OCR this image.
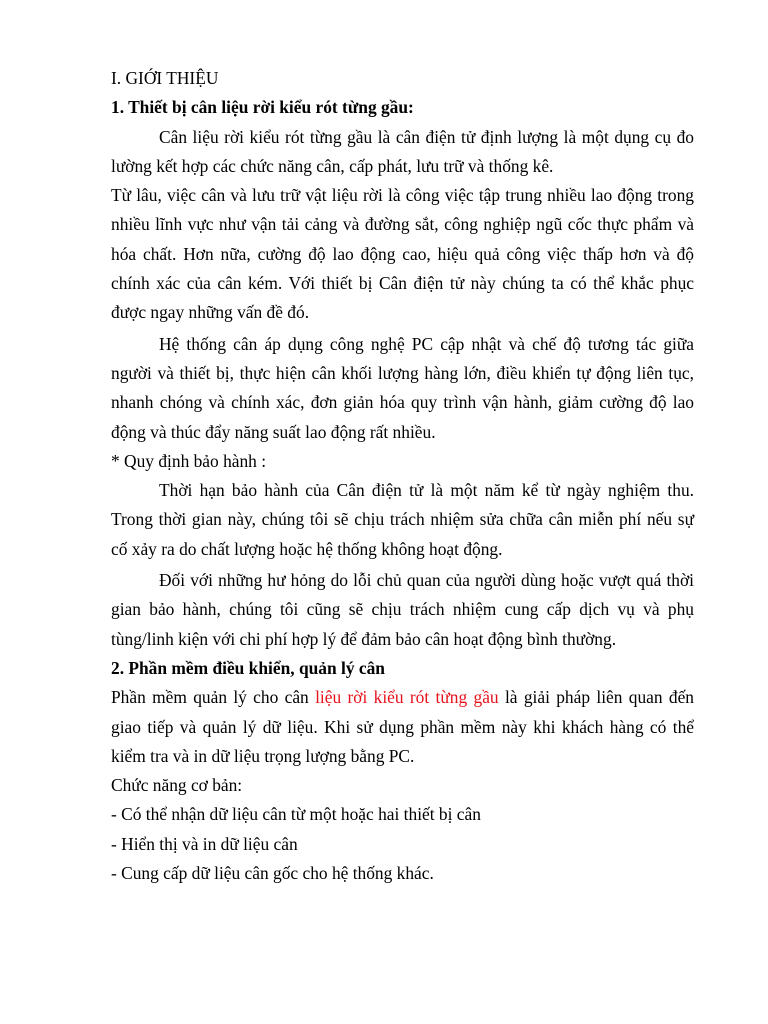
I. GIỚI THIỆU

1. Thiết bị cân liệu rời kiểu rót từng gầu:

Cân liệu rời kiểu rót từng gầu là cân điện tử định lượng là một dụng cụ đo

lường kết hợp các chức năng cân, cấp phát, lưu trữ và thống kê.

Từ lâu, việc cân và lưu trữ vật liệu rời là công việc tập trung nhiều lao động trong

nhiều lĩnh vực như vận tải cảng và đường sắt, công nghiệp ngũ cốc thực phẩm và

hóa chất. Hơn nữa, cường độ lao động cao, hiệu quả công việc thấp hơn và độ

chính xác của cân kém. Với thiết bị Cân điện tử này chúng ta có thể khắc phục

được ngay những vấn đề đó.

Hệ thống cân áp dụng công nghệ PC cập nhật và chế độ tương tác giữa

người và thiết bị, thực hiện cân khối lượng hàng lớn, điều khiển tự động liên tục,

nhanh chóng và chính xác, đơn giản hóa quy trình vận hành, giảm cường độ lao

động và thúc đẩy năng suất lao động rất nhiều.

* Quy định bảo hành :

Thời hạn bảo hành của Cân điện tử là một năm kể từ ngày nghiệm thu.

Trong thời gian này, chúng tôi sẽ chịu trách nhiệm sửa chữa cân miễn phí nếu sự

cố xảy ra do chất lượng hoặc hệ thống không hoạt động.

Đối với những hư hỏng do lỗi chủ quan của người dùng hoặc vượt quá thời

gian bảo hành, chúng tôi cũng sẽ chịu trách nhiệm cung cấp dịch vụ và phụ

tùng/linh kiện với chi phí hợp lý để đảm bảo cân hoạt động bình thường.

2. Phần mềm điều khiển, quản lý cân

Phần mềm quản lý cho cân liệu rời kiểu rót từng gầu là giải pháp liên quan đến

giao tiếp và quản lý dữ liệu. Khi sử dụng phần mềm này khi khách hàng có thể

kiểm tra và in dữ liệu trọng lượng bằng PC.

Chức năng cơ bản:

- Có thể nhận dữ liệu cân từ một hoặc hai thiết bị cân

- Hiển thị và in dữ liệu cân

- Cung cấp dữ liệu cân gốc cho hệ thống khác.
